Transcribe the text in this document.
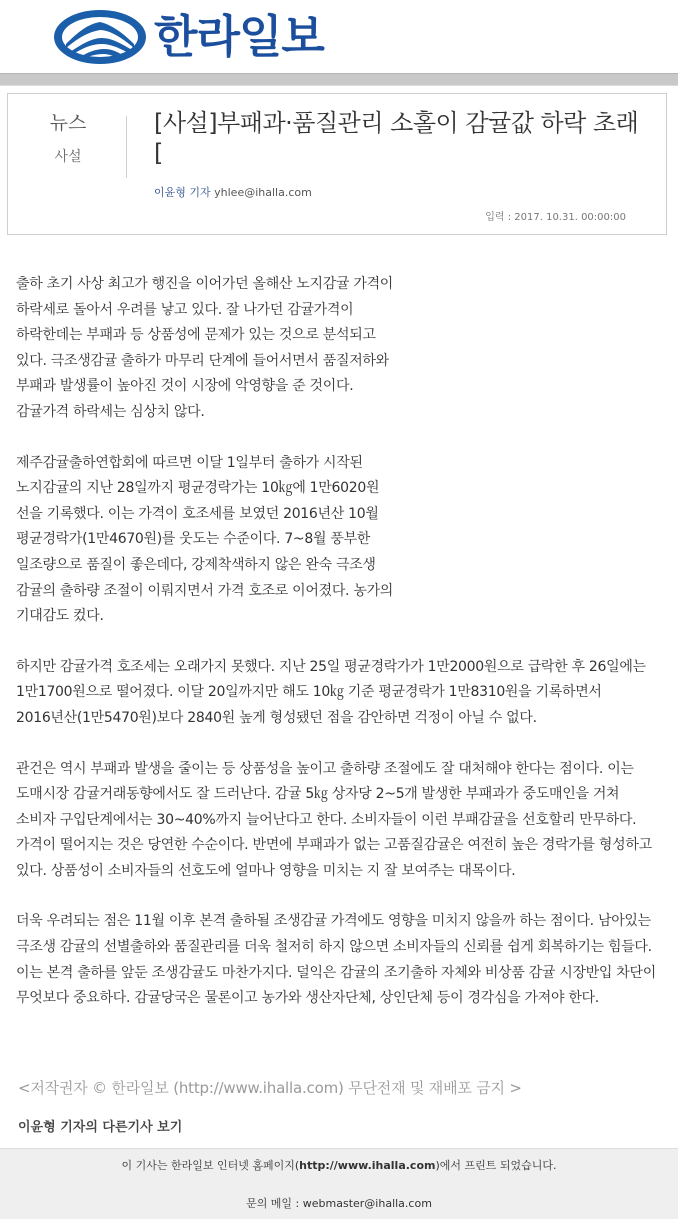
한라일보
뉴스
사설
[사설]부패과·품질관리 소홀이 감귤값 하락 초래[
이윤형 기자 yhlee@ihalla.com
입력 : 2017. 10.31. 00:00:00

출하 초기 사상 최고가 행진을 이어가던 올해산 노지감귤 가격이 하락세로 돌아서 우려를 낳고 있다. 잘 나가던 감귤가격이 하락한데는 부패과 등 상품성에 문제가 있는 것으로 분석되고 있다. 극조생감귤 출하가 마무리 단계에 들어서면서 품질저하와 부패과 발생률이 높아진 것이 시장에 악영향을 준 것이다. 감귤가격 하락세는 심상치 않다.

제주감귤출하연합회에 따르면 이달 1일부터 출하가 시작된 노지감귤의 지난 28일까지 평균경락가는 10㎏에 1만6020원 선을 기록했다. 이는 가격이 호조세를 보였던 2016년산 10월 평균경락가(1만4670원)를 웃도는 수준이다. 7~8월 풍부한 일조량으로 품질이 좋은데다, 강제착색하지 않은 완숙 극조생 감귤의 출하량 조절이 이뤄지면서 가격 호조로 이어졌다. 농가의 기대감도 컸다.

하지만 감귤가격 호조세는 오래가지 못했다. 지난 25일 평균경락가가 1만2000원으로 급락한 후 26일에는 1만1700원으로 떨어졌다. 이달 20일까지만 해도 10㎏ 기준 평균경락가 1만8310원을 기록하면서 2016년산(1만5470원)보다 2840원 높게 형성됐던 점을 감안하면 걱정이 아닐 수 없다.

관건은 역시 부패과 발생을 줄이는 등 상품성을 높이고 출하량 조절에도 잘 대처해야 한다는 점이다. 이는 도매시장 감귤거래동향에서도 잘 드러난다. 감귤 5㎏ 상자당 2~5개 발생한 부패과가 중도매인을 거쳐 소비자 구입단계에서는 30~40%까지 늘어난다고 한다. 소비자들이 이런 부패감귤을 선호할리 만무하다. 가격이 떨어지는 것은 당연한 수순이다. 반면에 부패과가 없는 고품질감귤은 여전히 높은 경락가를 형성하고 있다. 상품성이 소비자들의 선호도에 얼마나 영향을 미치는 지 잘 보여주는 대목이다.

더욱 우려되는 점은 11월 이후 본격 출하될 조생감귤 가격에도 영향을 미치지 않을까 하는 점이다. 남아있는 극조생 감귤의 선별출하와 품질관리를 더욱 철저히 하지 않으면 소비자들의 신뢰를 쉽게 회복하기는 힘들다. 이는 본격 출하를 앞둔 조생감귤도 마찬가지다. 덜익은 감귤의 조기출하 자체와 비상품 감귤 시장반입 차단이 무엇보다 중요하다. 감귤당국은 물론이고 농가와 생산자단체, 상인단체 등이 경각심을 가져야 한다.

<저작권자 © 한라일보 (http://www.ihalla.com) 무단전재 및 재배포 금지 >
이윤형 기자의 다른기사 보기
이 기사는 한라일보 인터넷 홈페이지(http://www.ihalla.com)에서 프린트 되었습니다.
문의 메일 : webmaster@ihalla.com
